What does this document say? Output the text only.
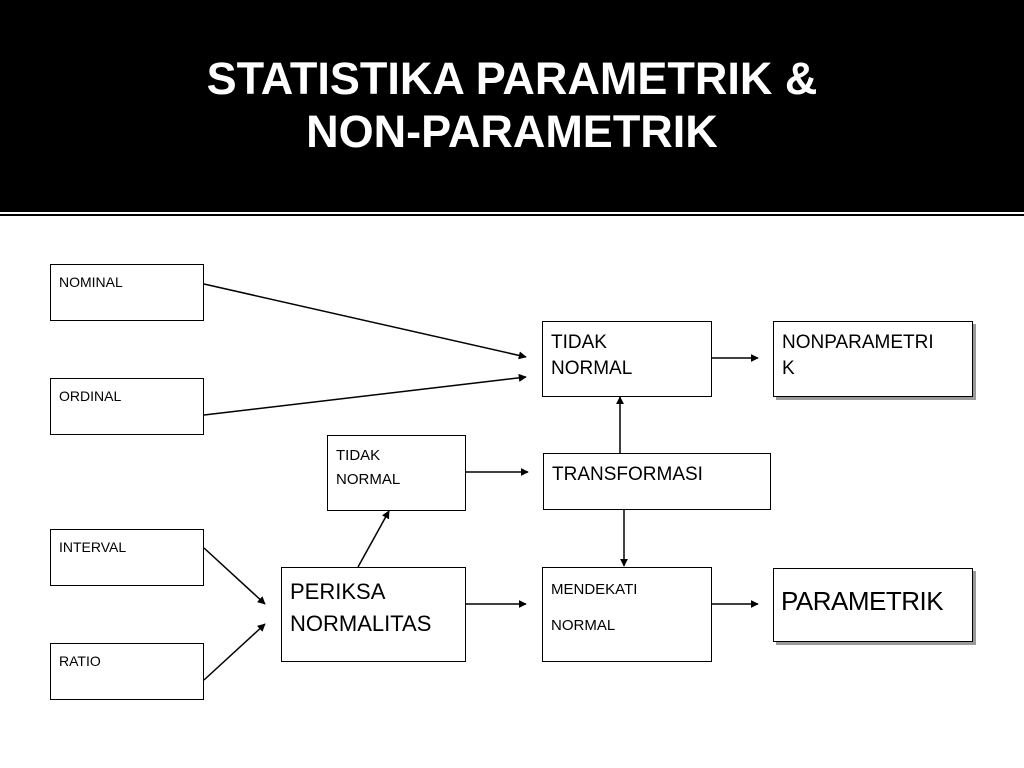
STATISTIKA PARAMETRIK &
NON-PARAMETRIK
NOMINAL
ORDINAL
INTERVAL
RATIO
PERIKSA
NORMALITAS
TIDAK
NORMAL
TIDAK
NORMAL
TRANSFORMASI
MENDEKATI
NORMAL
NONPARAMETRI
K
PARAMETRIK
